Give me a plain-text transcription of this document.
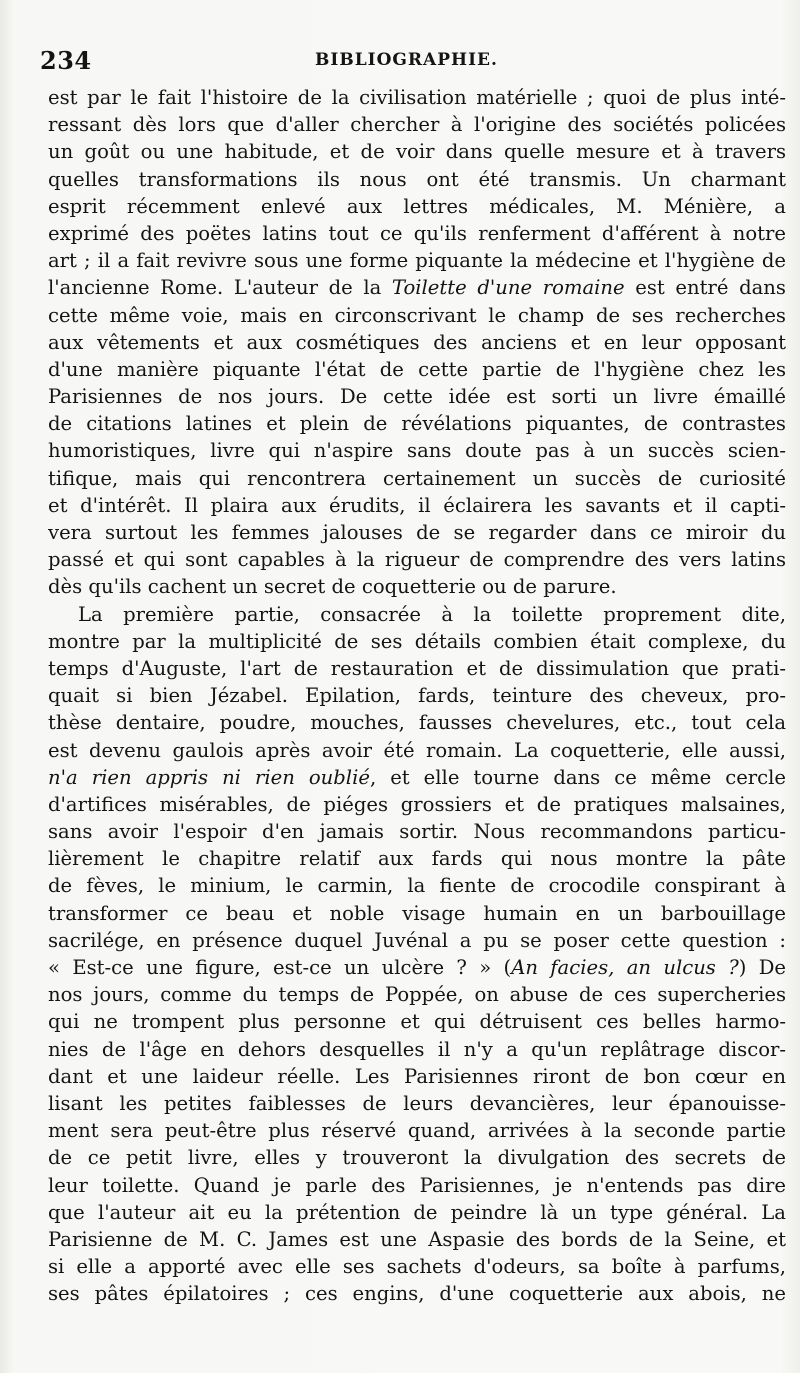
234	BIBLIOGRAPHIE.
est par le fait l'histoire de la civilisation matérielle ; quoi de plus inté-
ressant dès lors que d'aller chercher à l'origine des sociétés policées
un goût ou une habitude, et de voir dans quelle mesure et à travers
quelles transformations ils nous ont été transmis. Un charmant
esprit récemment enlevé aux lettres médicales, M. Ménière, a
exprimé des poëtes latins tout ce qu'ils renferment d'afférent à notre
art ; il a fait revivre sous une forme piquante la médecine et l'hygiène de
l'ancienne Rome. L'auteur de la Toilette d'une romaine est entré dans
cette même voie, mais en circonscrivant le champ de ses recherches
aux vêtements et aux cosmétiques des anciens et en leur opposant
d'une manière piquante l'état de cette partie de l'hygiène chez les
Parisiennes de nos jours. De cette idée est sorti un livre émaillé
de citations latines et plein de révélations piquantes, de contrastes
humoristiques, livre qui n'aspire sans doute pas à un succès scien-
tifique, mais qui rencontrera certainement un succès de curiosité
et d'intérêt. Il plaira aux érudits, il éclairera les savants et il capti-
vera surtout les femmes jalouses de se regarder dans ce miroir du
passé et qui sont capables à la rigueur de comprendre des vers latins
dès qu'ils cachent un secret de coquetterie ou de parure.
La première partie, consacrée à la toilette proprement dite,
montre par la multiplicité de ses détails combien était complexe, du
temps d'Auguste, l'art de restauration et de dissimulation que prati-
quait si bien Jézabel. Epilation, fards, teinture des cheveux, pro-
thèse dentaire, poudre, mouches, fausses chevelures, etc., tout cela
est devenu gaulois après avoir été romain. La coquetterie, elle aussi,
n'a rien appris ni rien oublié, et elle tourne dans ce même cercle
d'artifices misérables, de piéges grossiers et de pratiques malsaines,
sans avoir l'espoir d'en jamais sortir. Nous recommandons particu-
lièrement le chapitre relatif aux fards qui nous montre la pâte
de fèves, le minium, le carmin, la fiente de crocodile conspirant à
transformer ce beau et noble visage humain en un barbouillage
sacrilége, en présence duquel Juvénal a pu se poser cette question :
« Est-ce une figure, est-ce un ulcère ? » (An facies, an ulcus ?) De
nos jours, comme du temps de Poppée, on abuse de ces supercheries
qui ne trompent plus personne et qui détruisent ces belles harmo-
nies de l'âge en dehors desquelles il n'y a qu'un replâtrage discor-
dant et une laideur réelle. Les Parisiennes riront de bon cœur en
lisant les petites faiblesses de leurs devancières, leur épanouisse-
ment sera peut-être plus réservé quand, arrivées à la seconde partie
de ce petit livre, elles y trouveront la divulgation des secrets de
leur toilette. Quand je parle des Parisiennes, je n'entends pas dire
que l'auteur ait eu la prétention de peindre là un type général. La
Parisienne de M. C. James est une Aspasie des bords de la Seine, et
si elle a apporté avec elle ses sachets d'odeurs, sa boîte à parfums,
ses pâtes épilatoires ; ces engins, d'une coquetterie aux abois, ne
